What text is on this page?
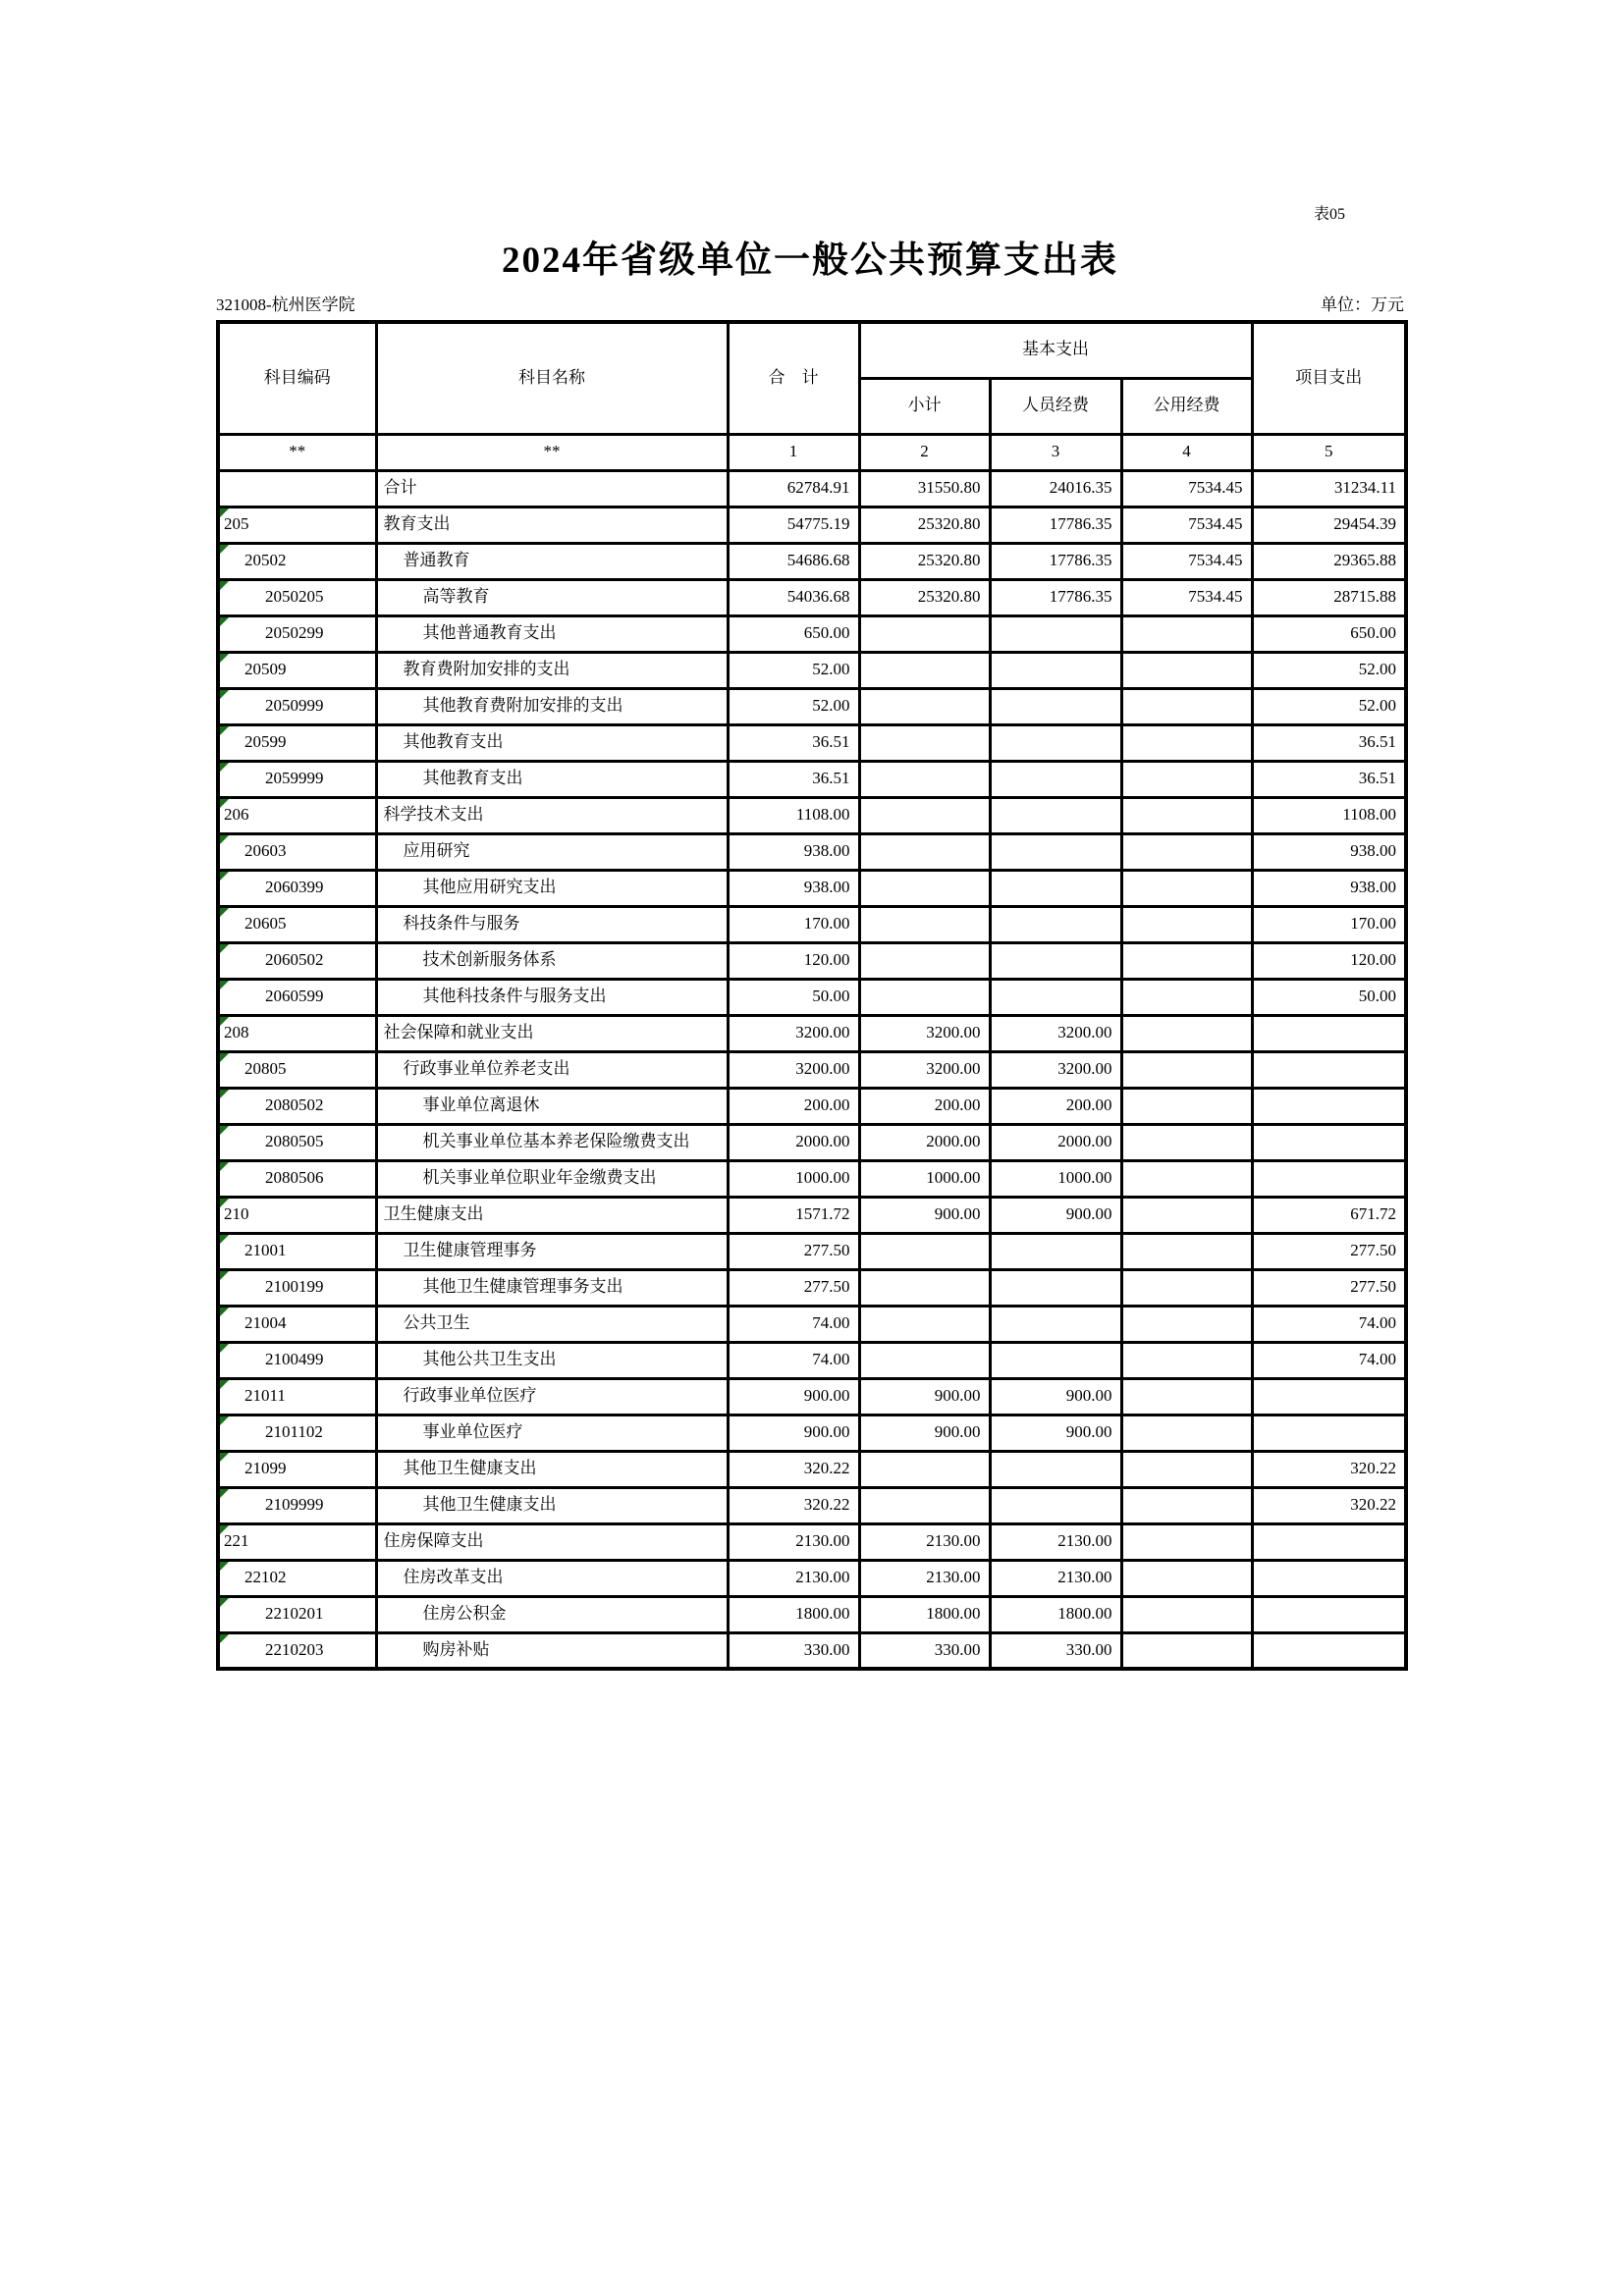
表05
2024年省级单位一般公共预算支出表
321008-杭州医学院	单位：万元
科目编码	科目名称	合　计	基本支出			项目支出
			小计	人员经费	公用经费	
**	**	1	2	3	4	5
	合计	62784.91	31550.80	24016.35	7534.45	31234.11

205	教育支出	54775.19	25320.80	17786.35	7534.45	29454.39

20502	普通教育	54686.68	25320.80	17786.35	7534.45	29365.88

2050205	高等教育	54036.68	25320.80	17786.35	7534.45	28715.88

2050299	其他普通教育支出	650.00				650.00

20509	教育费附加安排的支出	52.00				52.00

2050999	其他教育费附加安排的支出	52.00				52.00

20599	其他教育支出	36.51				36.51

2059999	其他教育支出	36.51				36.51

206	科学技术支出	1108.00				1108.00

20603	应用研究	938.00				938.00

2060399	其他应用研究支出	938.00				938.00

20605	科技条件与服务	170.00				170.00

2060502	技术创新服务体系	120.00				120.00

2060599	其他科技条件与服务支出	50.00				50.00

208	社会保障和就业支出	3200.00	3200.00	3200.00		

20805	行政事业单位养老支出	3200.00	3200.00	3200.00		

2080502	事业单位离退休	200.00	200.00	200.00		

2080505	机关事业单位基本养老保险缴费支出	2000.00	2000.00	2000.00		

2080506	机关事业单位职业年金缴费支出	1000.00	1000.00	1000.00		

210	卫生健康支出	1571.72	900.00	900.00		671.72

21001	卫生健康管理事务	277.50				277.50

2100199	其他卫生健康管理事务支出	277.50				277.50

21004	公共卫生	74.00				74.00

2100499	其他公共卫生支出	74.00				74.00

21011	行政事业单位医疗	900.00	900.00	900.00		

2101102	事业单位医疗	900.00	900.00	900.00		

21099	其他卫生健康支出	320.22				320.22

2109999	其他卫生健康支出	320.22				320.22

221	住房保障支出	2130.00	2130.00	2130.00		

22102	住房改革支出	2130.00	2130.00	2130.00		

2210201	住房公积金	1800.00	1800.00	1800.00		

2210203	购房补贴	330.00	330.00	330.00		
